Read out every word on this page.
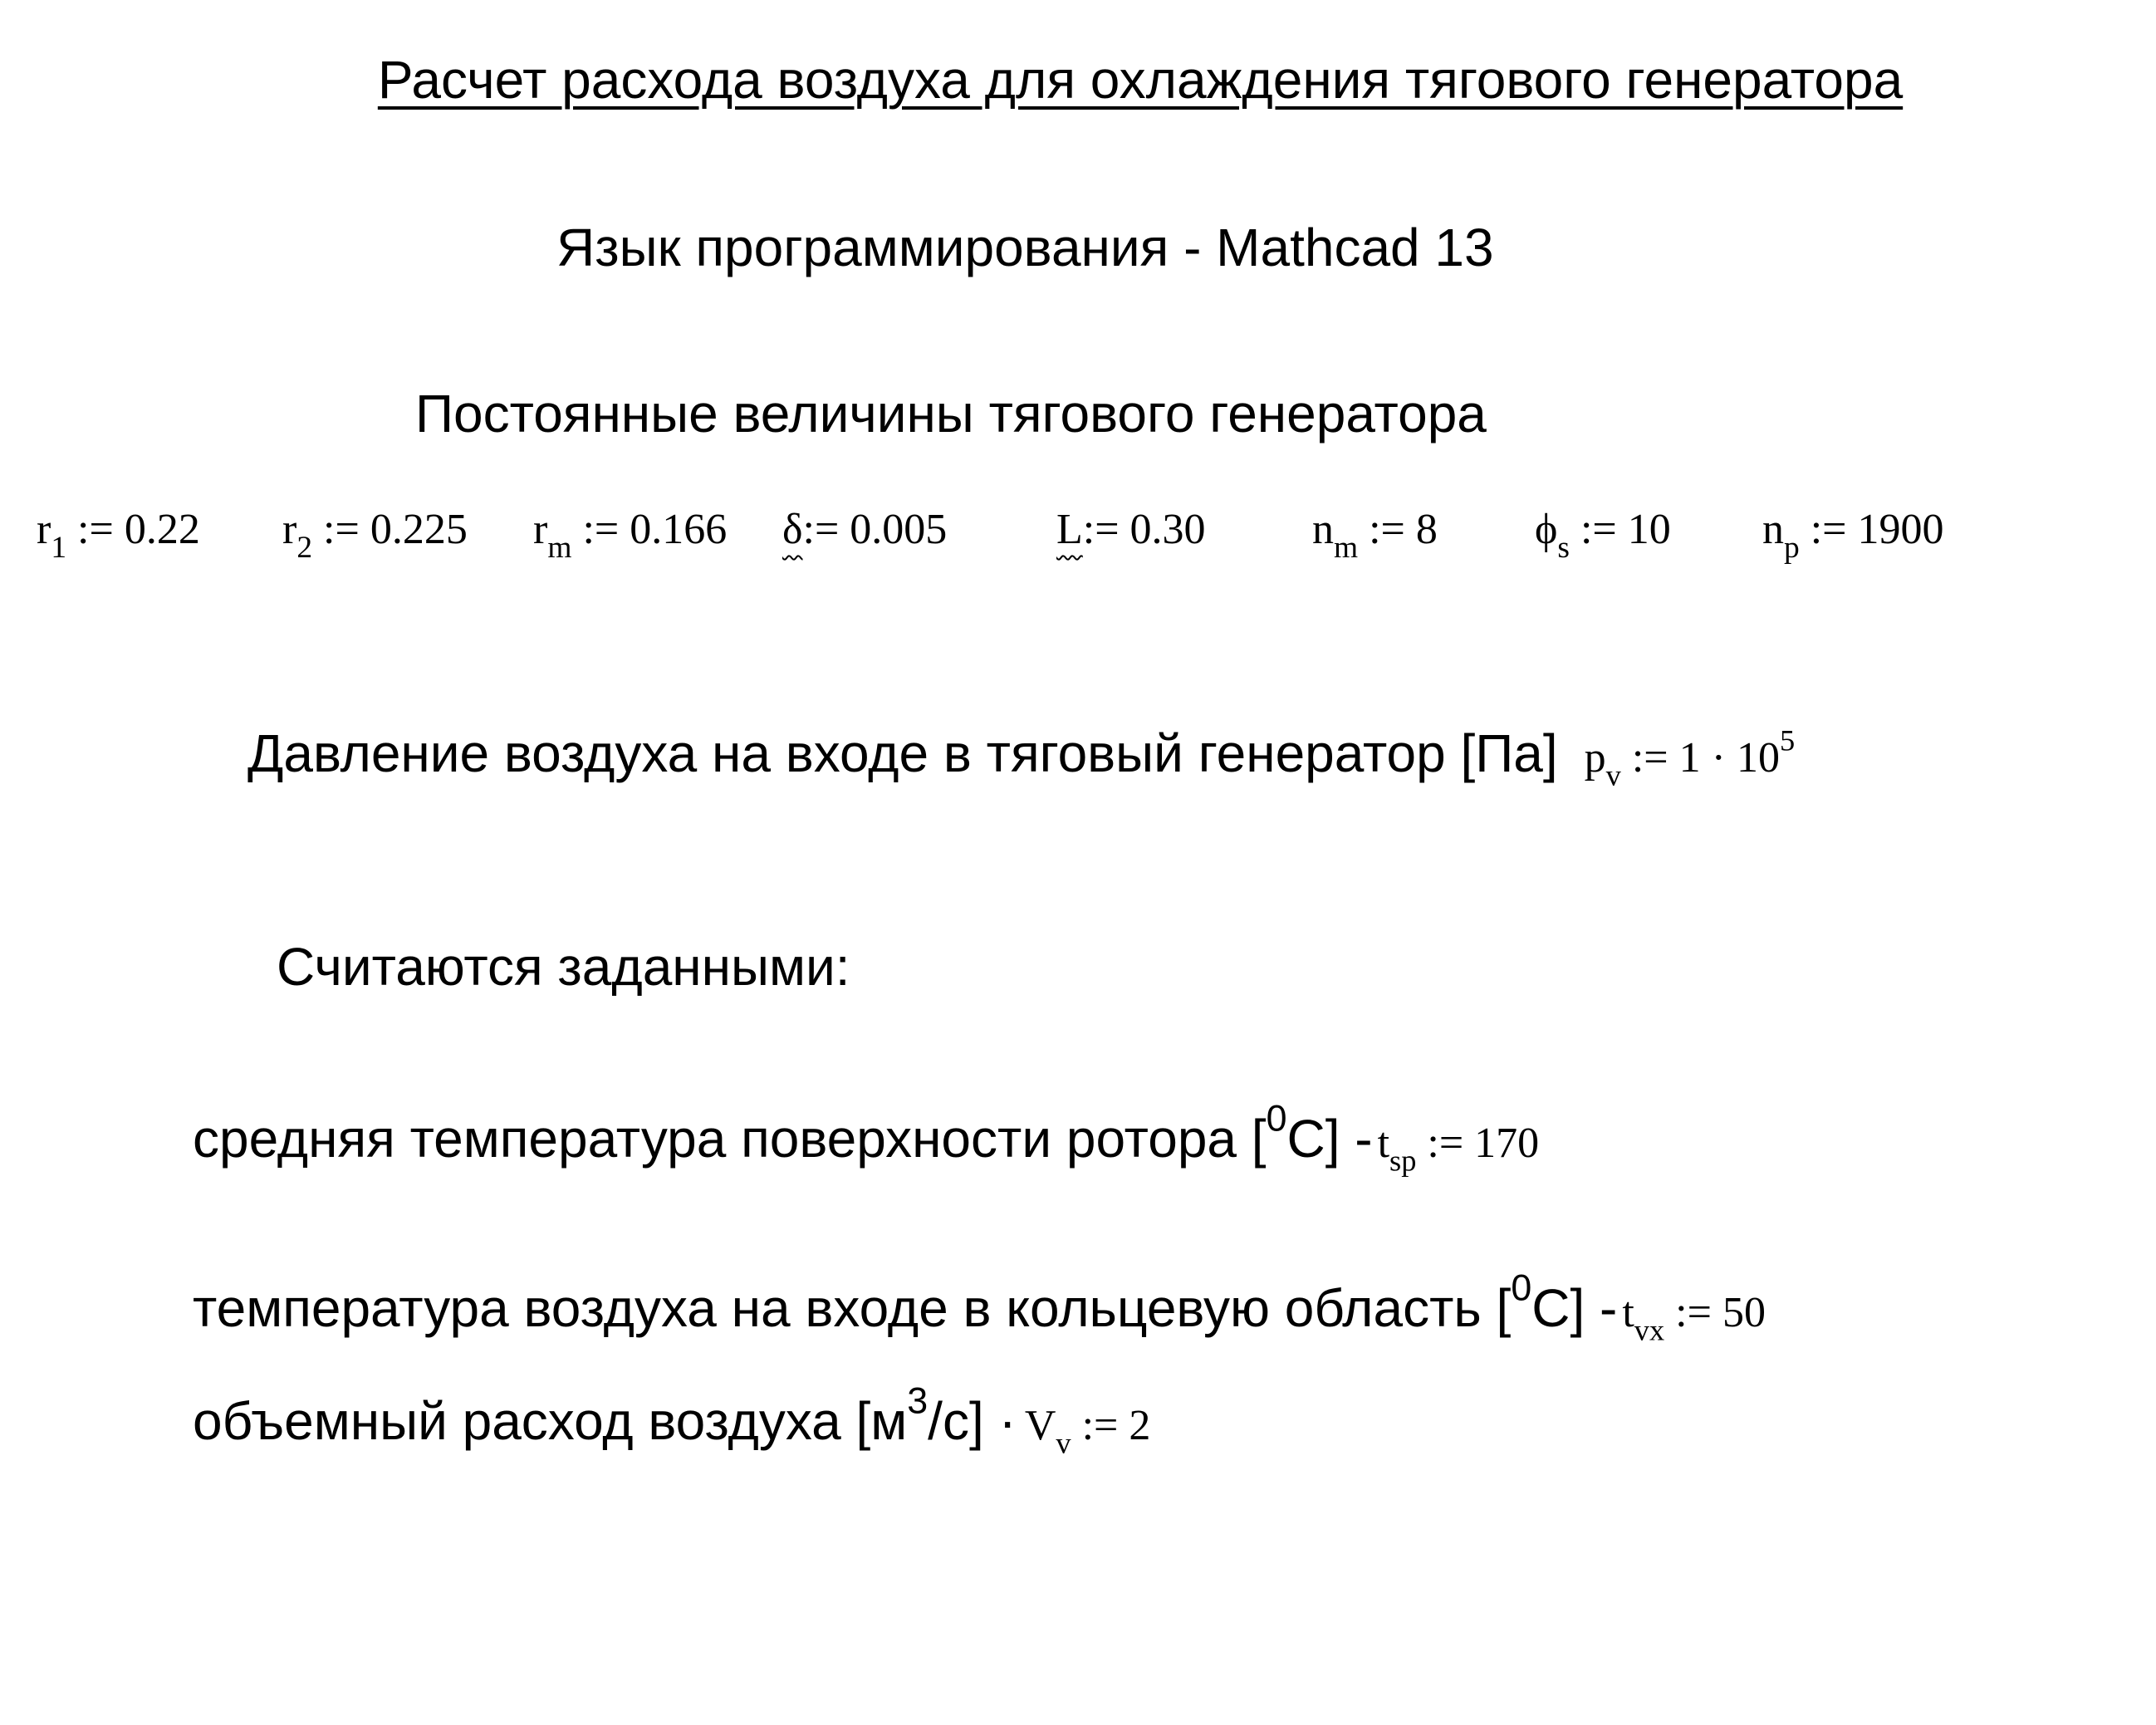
Расчет расхода воздуха для охлаждения тягового генератора
Язык программирования - Mathcad 13
Постоянные величины тягового генератора
$r_1$ := 0.22 $r_2$ := 0.225 $r_m$ := 0.166 δ:= 0.005	L:= 0.30 $n_m$ := 8 $\phi_s$ := 10 $n_p$ := 1900
Давление воздуха на входе в тяговый генератор [Па] $p_v$ := $1 \cdot 10^5$
Считаются заданными:
средняя температура поверхности ротора $[^0C] - t_{sp}$ := 170
температура воздуха на входе в кольцевую область $[^0C] - t_{vx}$ := 50
объемный расход воздуха $[м^3/с] \cdot V_v$ := 2
